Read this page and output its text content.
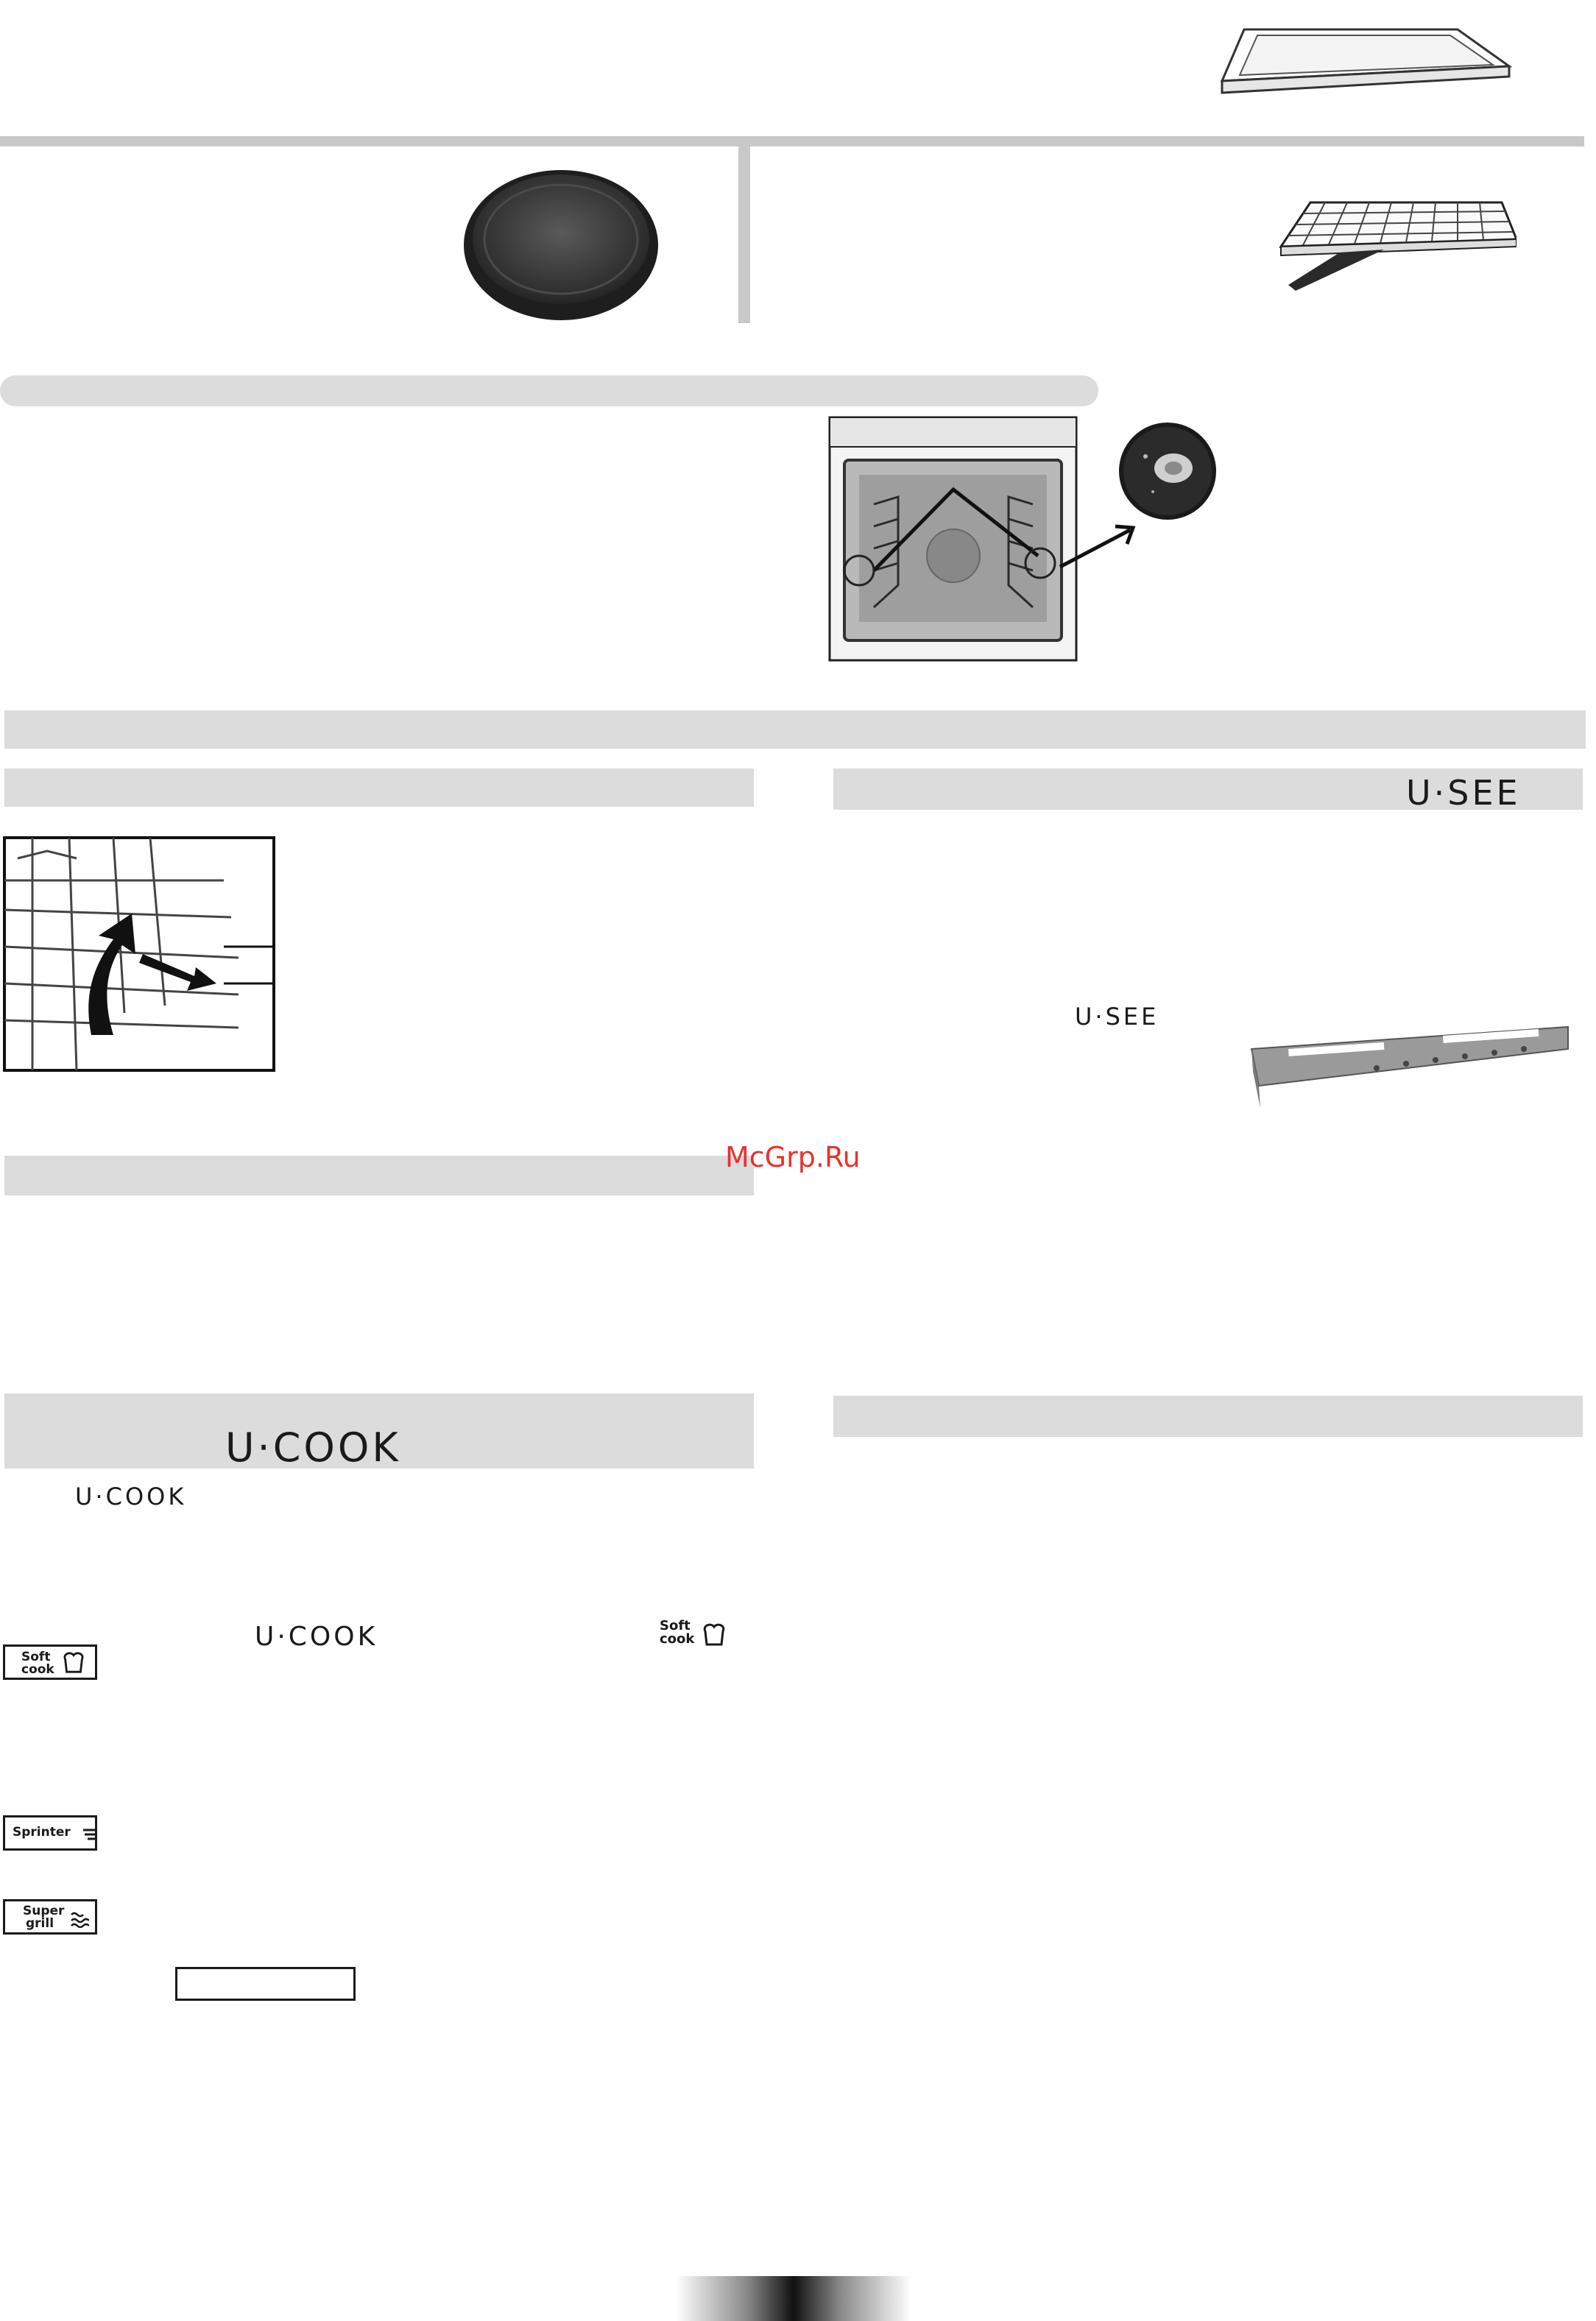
U·SEE
U·SEE
McGrp.Ru
U·COOK
U·COOK
U·COOK	Soft
cook
Soft
cook
Sprinter
Super
grill
